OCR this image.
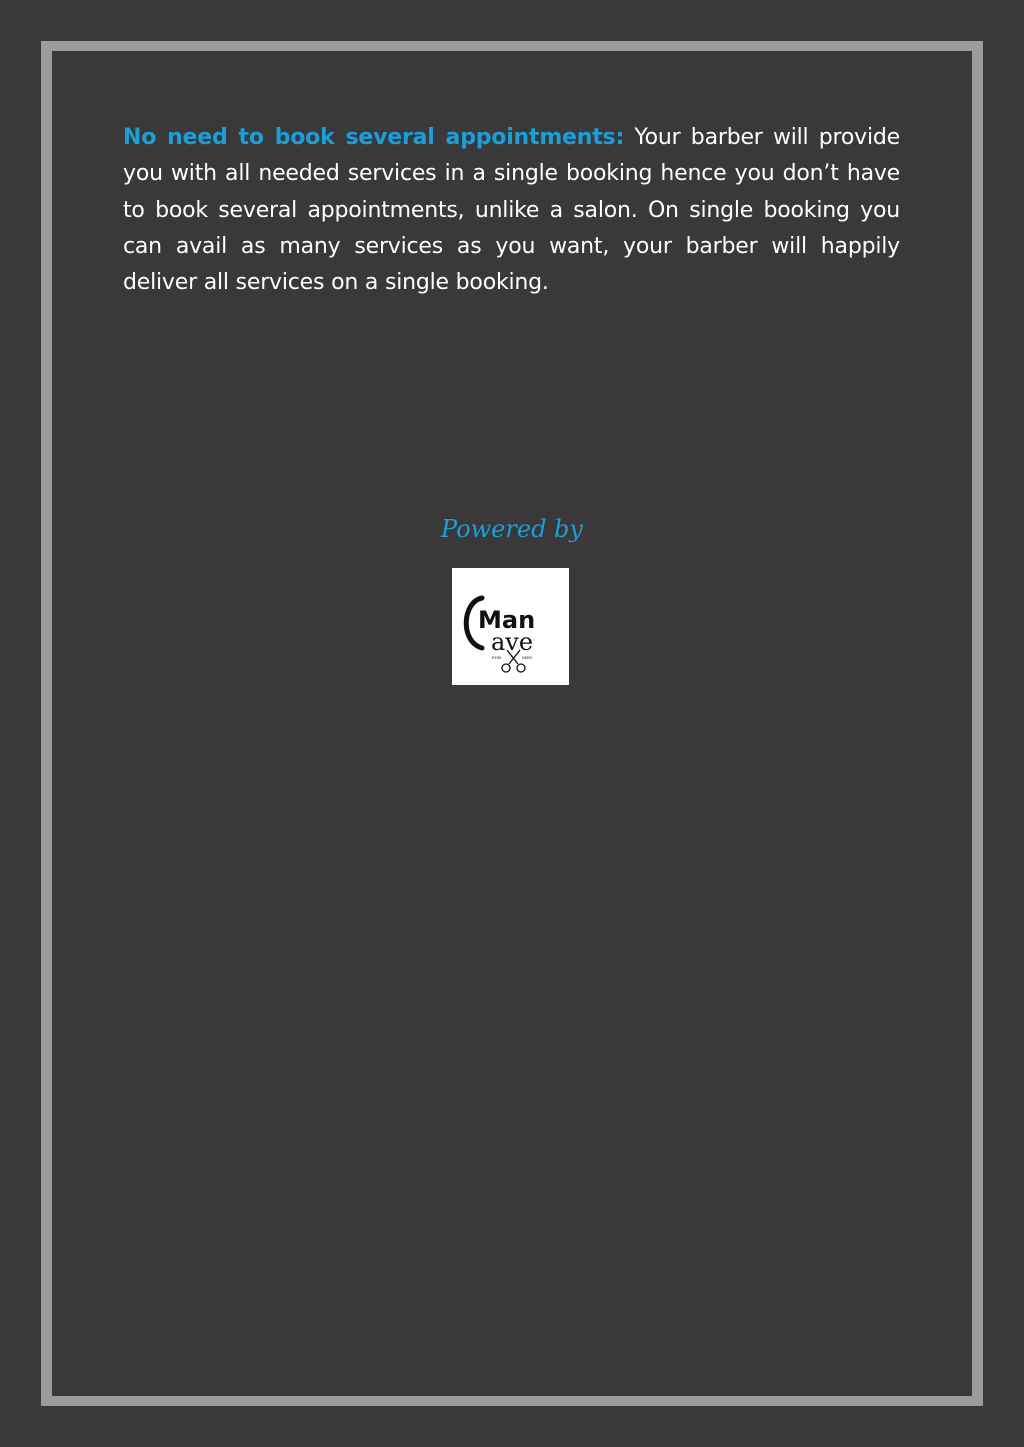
No need to book several appointments: Your barber will provide you with all needed services in a single booking hence you don’t have to book several appointments, unlike a salon. On single booking you can avail as many services as you want, your barber will happily deliver all services on a single booking.

Powered by
Man
ave
FOR	MEN
